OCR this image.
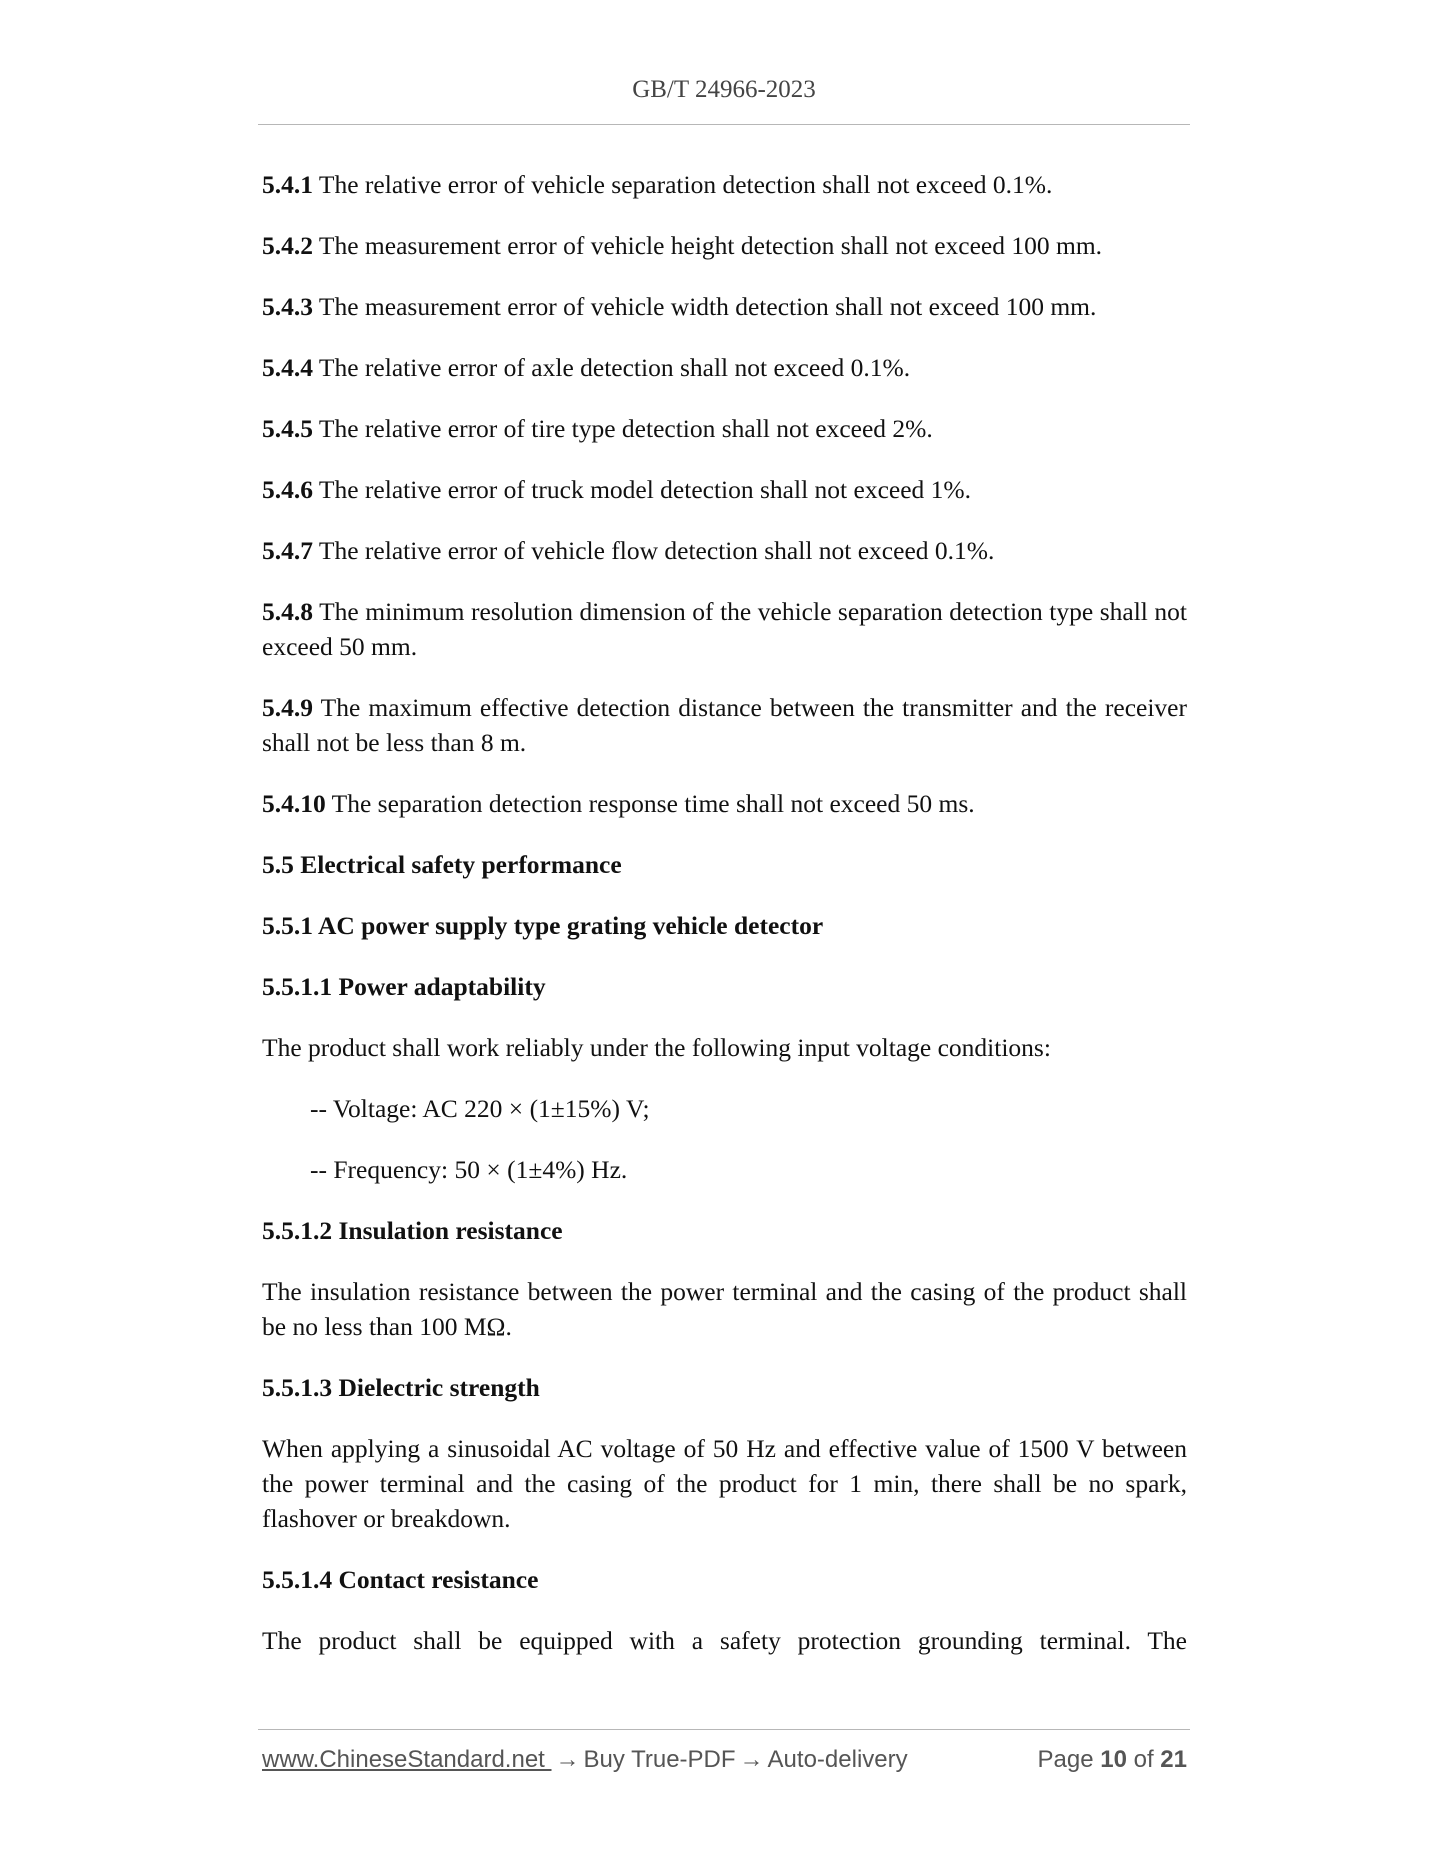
GB/T 24966-2023

5.4.1 The relative error of vehicle separation detection shall not exceed 0.1%.

5.4.2 The measurement error of vehicle height detection shall not exceed 100 mm.

5.4.3 The measurement error of vehicle width detection shall not exceed 100 mm.

5.4.4 The relative error of axle detection shall not exceed 0.1%.

5.4.5 The relative error of tire type detection shall not exceed 2%.

5.4.6 The relative error of truck model detection shall not exceed 1%.

5.4.7 The relative error of vehicle flow detection shall not exceed 0.1%.

5.4.8 The minimum resolution dimension of the vehicle separation detection type shall not exceed 50 mm.

5.4.9 The maximum effective detection distance between the transmitter and the receiver shall not be less than 8 m.

5.4.10 The separation detection response time shall not exceed 50 ms.

5.5 Electrical safety performance

5.5.1 AC power supply type grating vehicle detector

5.5.1.1 Power adaptability

The product shall work reliably under the following input voltage conditions:

-- Voltage: AC 220 × (1±15%) V;

-- Frequency: 50 × (1±4%) Hz.

5.5.1.2 Insulation resistance

The insulation resistance between the power terminal and the casing of the product shall be no less than 100 MΩ.

5.5.1.3 Dielectric strength

When applying a sinusoidal AC voltage of 50 Hz and effective value of 1500 V between the power terminal and the casing of the product for 1 min, there shall be no spark, flashover or breakdown.

5.5.1.4 Contact resistance

The product shall be equipped with a safety protection grounding terminal. The

www.ChineseStandard.net → Buy True-PDF → Auto-delivery	Page 10 of 21
